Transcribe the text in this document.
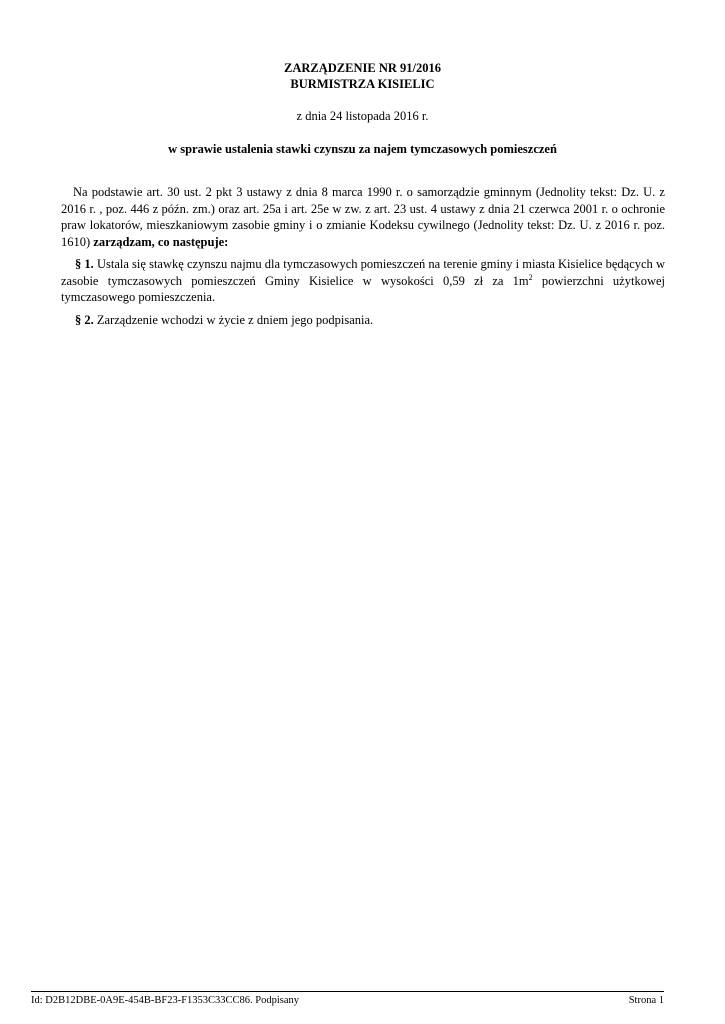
ZARZĄDZENIE NR 91/2016
BURMISTRZA KISIELIC
z dnia 24 listopada 2016 r.
w sprawie ustalenia stawki czynszu za najem tymczasowych pomieszczeń

Na podstawie art. 30 ust. 2 pkt 3 ustawy z dnia 8 marca 1990 r. o samorządzie gminnym (Jednolity tekst: Dz. U. z 2016 r. , poz. 446 z późn. zm.) oraz art. 25a i art. 25e w zw. z art. 23 ust. 4 ustawy z dnia 21 czerwca 2001 r. o ochronie praw lokatorów, mieszkaniowym zasobie gminy i o zmianie Kodeksu cywilnego (Jednolity tekst: Dz. U. z 2016 r. poz. 1610) zarządzam, co następuje:

§ 1. Ustala się stawkę czynszu najmu dla tymczasowych pomieszczeń na terenie gminy i miasta Kisielice będących w zasobie tymczasowych pomieszczeń Gminy Kisielice w wysokości 0,59 zł za $1m^2$ powierzchni użytkowej tymczasowego pomieszczenia.

§ 2. Zarządzenie wchodzi w życie z dniem jego podpisania.

Id: D2B12DBE-0A9E-454B-BF23-F1353C33CC86. Podpisany	Strona 1
